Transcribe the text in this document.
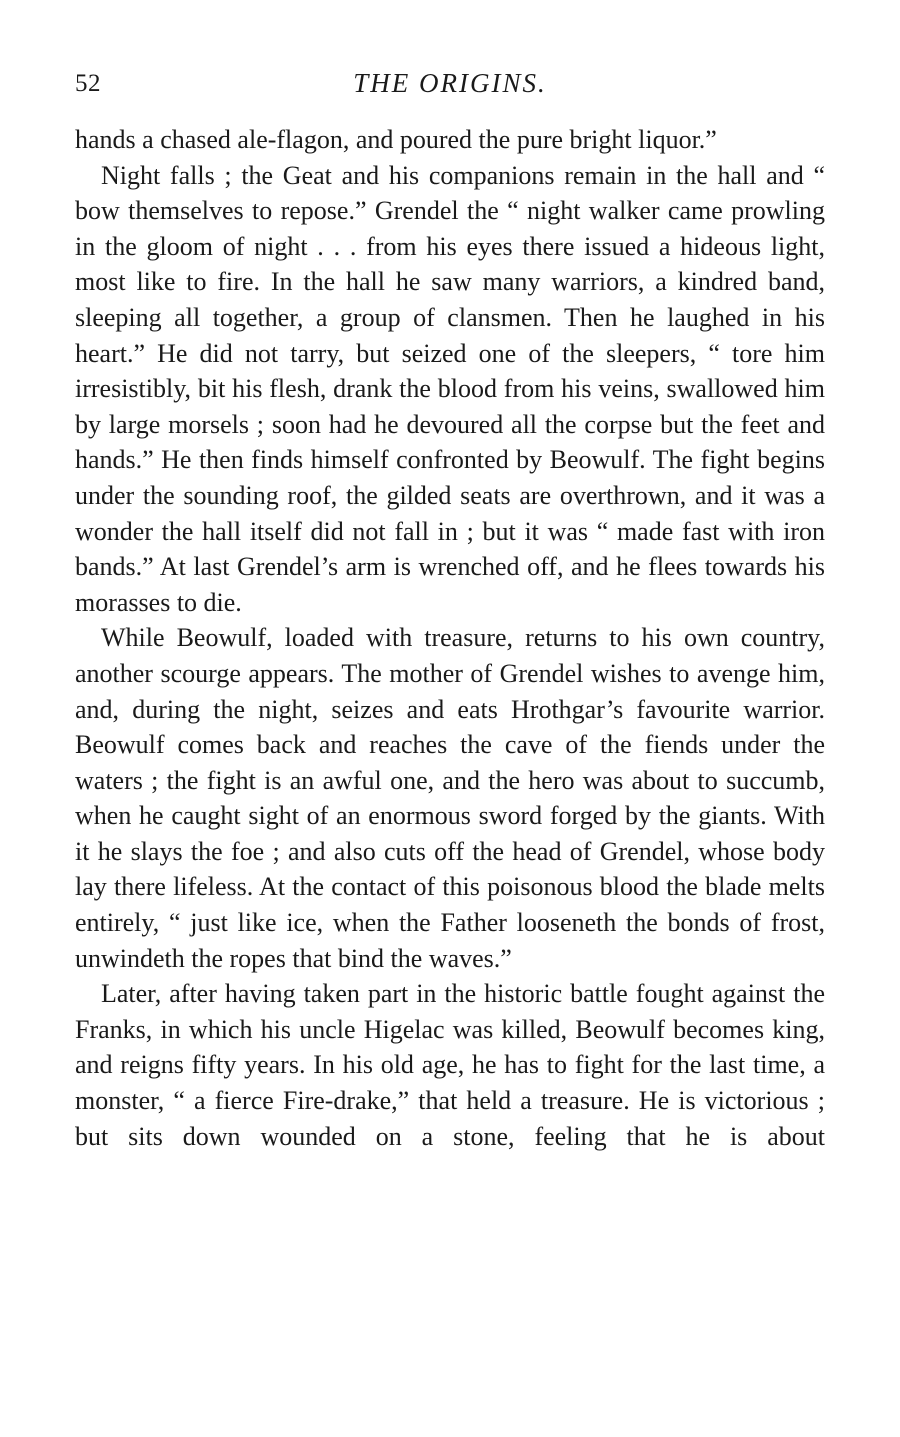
52	THE ORIGINS.

hands a chased ale-flagon, and poured the pure bright liquor.”

Night falls ; the Geat and his companions remain in the hall and “ bow themselves to repose.” Grendel the “ night walker came prowling in the gloom of night . . . from his eyes there issued a hideous light, most like to fire. In the hall he saw many warriors, a kindred band, sleeping all together, a group of clansmen. Then he laughed in his heart.” He did not tarry, but seized one of the sleepers, “ tore him irresistibly, bit his flesh, drank the blood from his veins, swallowed him by large morsels ; soon had he devoured all the corpse but the feet and hands.” He then finds himself confronted by Beowulf. The fight begins under the sounding roof, the gilded seats are overthrown, and it was a wonder the hall itself did not fall in ; but it was “ made fast with iron bands.” At last Grendel’s arm is wrenched off, and he flees towards his morasses to die.

While Beowulf, loaded with treasure, returns to his own country, another scourge appears. The mother of Grendel wishes to avenge him, and, during the night, seizes and eats Hrothgar’s favourite warrior. Beowulf comes back and reaches the cave of the fiends under the waters ; the fight is an awful one, and the hero was about to succumb, when he caught sight of an enormous sword forged by the giants. With it he slays the foe ; and also cuts off the head of Grendel, whose body lay there lifeless. At the contact of this poisonous blood the blade melts entirely, “ just like ice, when the Father looseneth the bonds of frost, unwindeth the ropes that bind the waves.”

Later, after having taken part in the historic battle fought against the Franks, in which his uncle Higelac was killed, Beowulf becomes king, and reigns fifty years. In his old age, he has to fight for the last time, a monster, “ a fierce Fire-drake,” that held a treasure. He is victorious ; but sits down wounded on a stone, feeling that he is about
